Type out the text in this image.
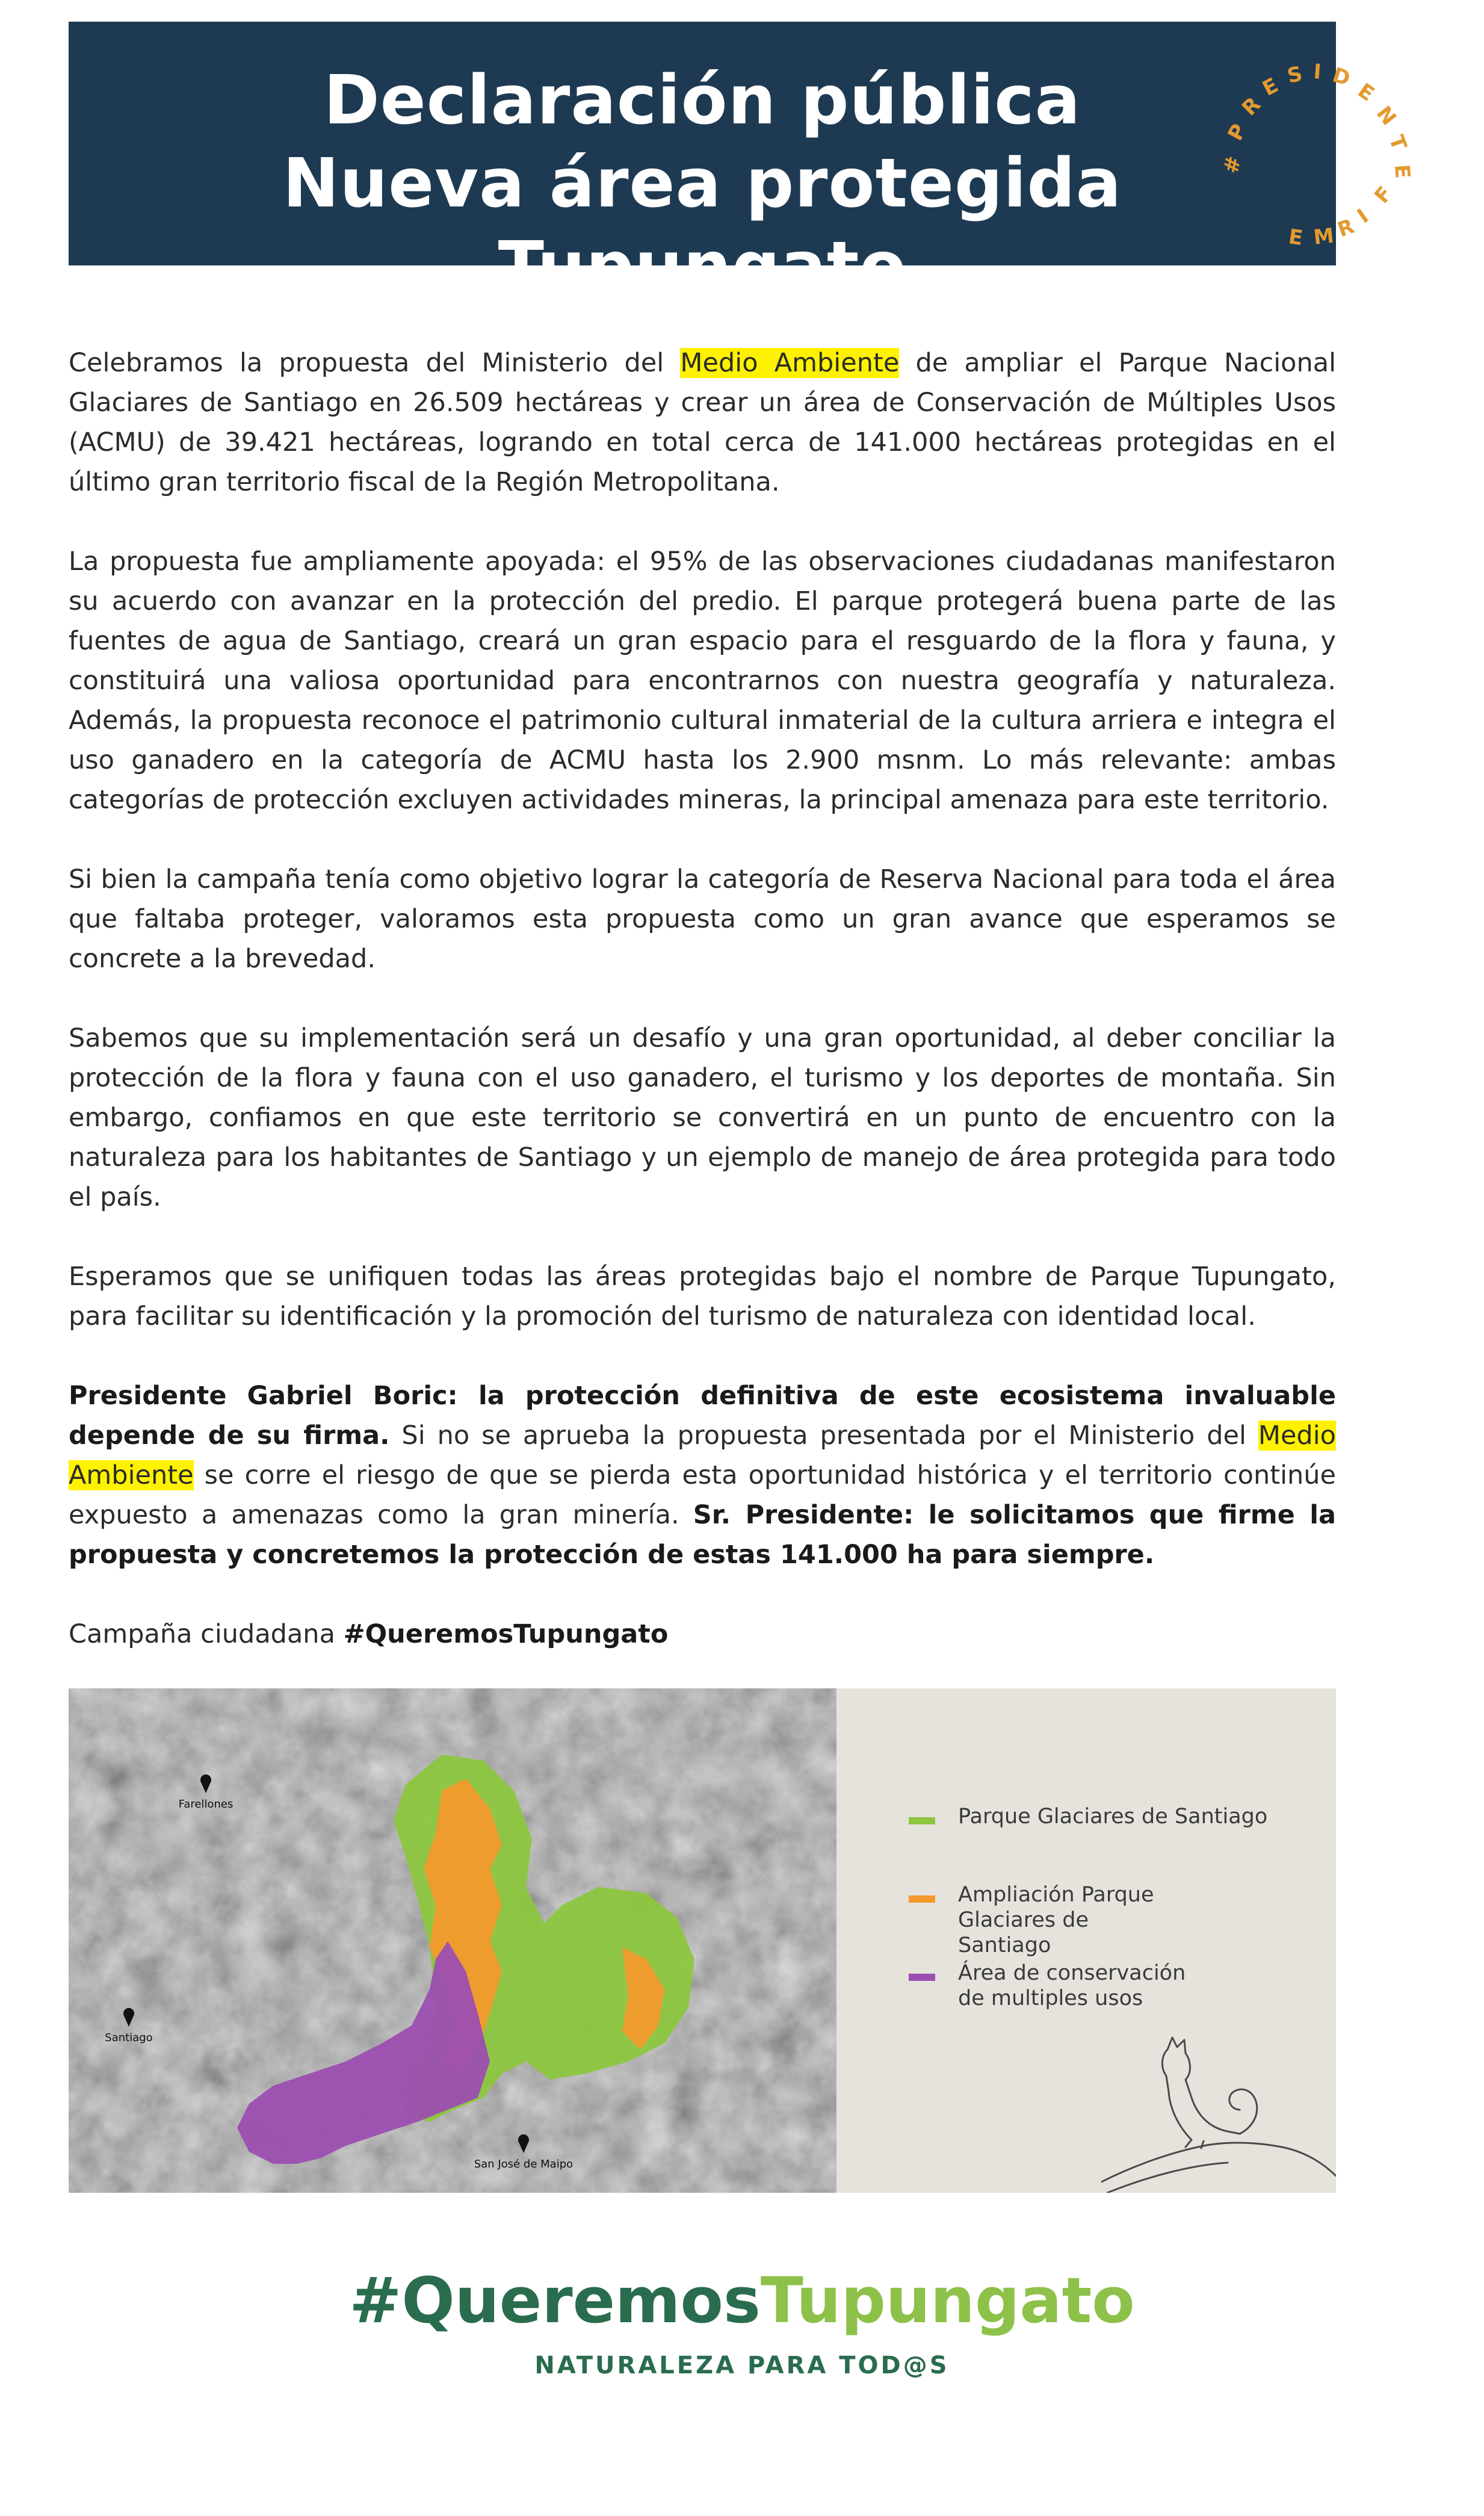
Declaración pública
Nueva área protegida Tupungato
#
P
R
E S I D
E
N
T
E
F
I
R
M
E

Celebramos la propuesta del Ministerio del Medio Ambiente de ampliar el Parque Nacional Glaciares de Santiago en 26.509 hectáreas y crear un área de Conservación de Múltiples Usos (ACMU) de 39.421 hectáreas, logrando en total cerca de 141.000 hectáreas protegidas en el último gran territorio fiscal de la Región Metropolitana.

La propuesta fue ampliamente apoyada: el 95% de las observaciones ciudadanas manifestaron su acuerdo con avanzar en la protección del predio. El parque protegerá buena parte de las fuentes de agua de Santiago, creará un gran espacio para el resguardo de la flora y fauna, y constituirá una valiosa oportunidad para encontrarnos con nuestra geografía y naturaleza. Además, la propuesta reconoce el patrimonio cultural inmaterial de la cultura arriera e integra el uso ganadero en la categoría de ACMU hasta los 2.900 msnm. Lo más relevante: ambas categorías de protección excluyen actividades mineras, la principal amenaza para este territorio.

Si bien la campaña tenía como objetivo lograr la categoría de Reserva Nacional para toda el área que faltaba proteger, valoramos esta propuesta como un gran avance que esperamos se concrete a la brevedad.

Sabemos que su implementación será un desafío y una gran oportunidad, al deber conciliar la protección de la flora y fauna con el uso ganadero, el turismo y los deportes de montaña. Sin embargo, confiamos en que este territorio se convertirá en un punto de encuentro con la naturaleza para los habitantes de Santiago y un ejemplo de manejo de área protegida para todo el país.

Esperamos que se unifiquen todas las áreas protegidas bajo el nombre de Parque Tupungato, para facilitar su identificación y la promoción del turismo de naturaleza con identidad local.

Presidente Gabriel Boric: la protección definitiva de este ecosistema invaluable depende de su firma. Si no se aprueba la propuesta presentada por el Ministerio del Medio Ambiente se corre el riesgo de que se pierda esta oportunidad histórica y el territorio continúe expuesto a amenazas como la gran minería. Sr. Presidente: le solicitamos que firme la propuesta y concretemos la protección de estas 141.000 ha para siempre.

Campaña ciudadana #QueremosTupungato

Farellones
Santiago
San José de Maipo
Parque Glaciares de Santiago
Ampliación Parque Glaciares de Santiago
Área de conservación de multiples usos
#QueremosTupungato
NATURALEZA PARA TOD@S
